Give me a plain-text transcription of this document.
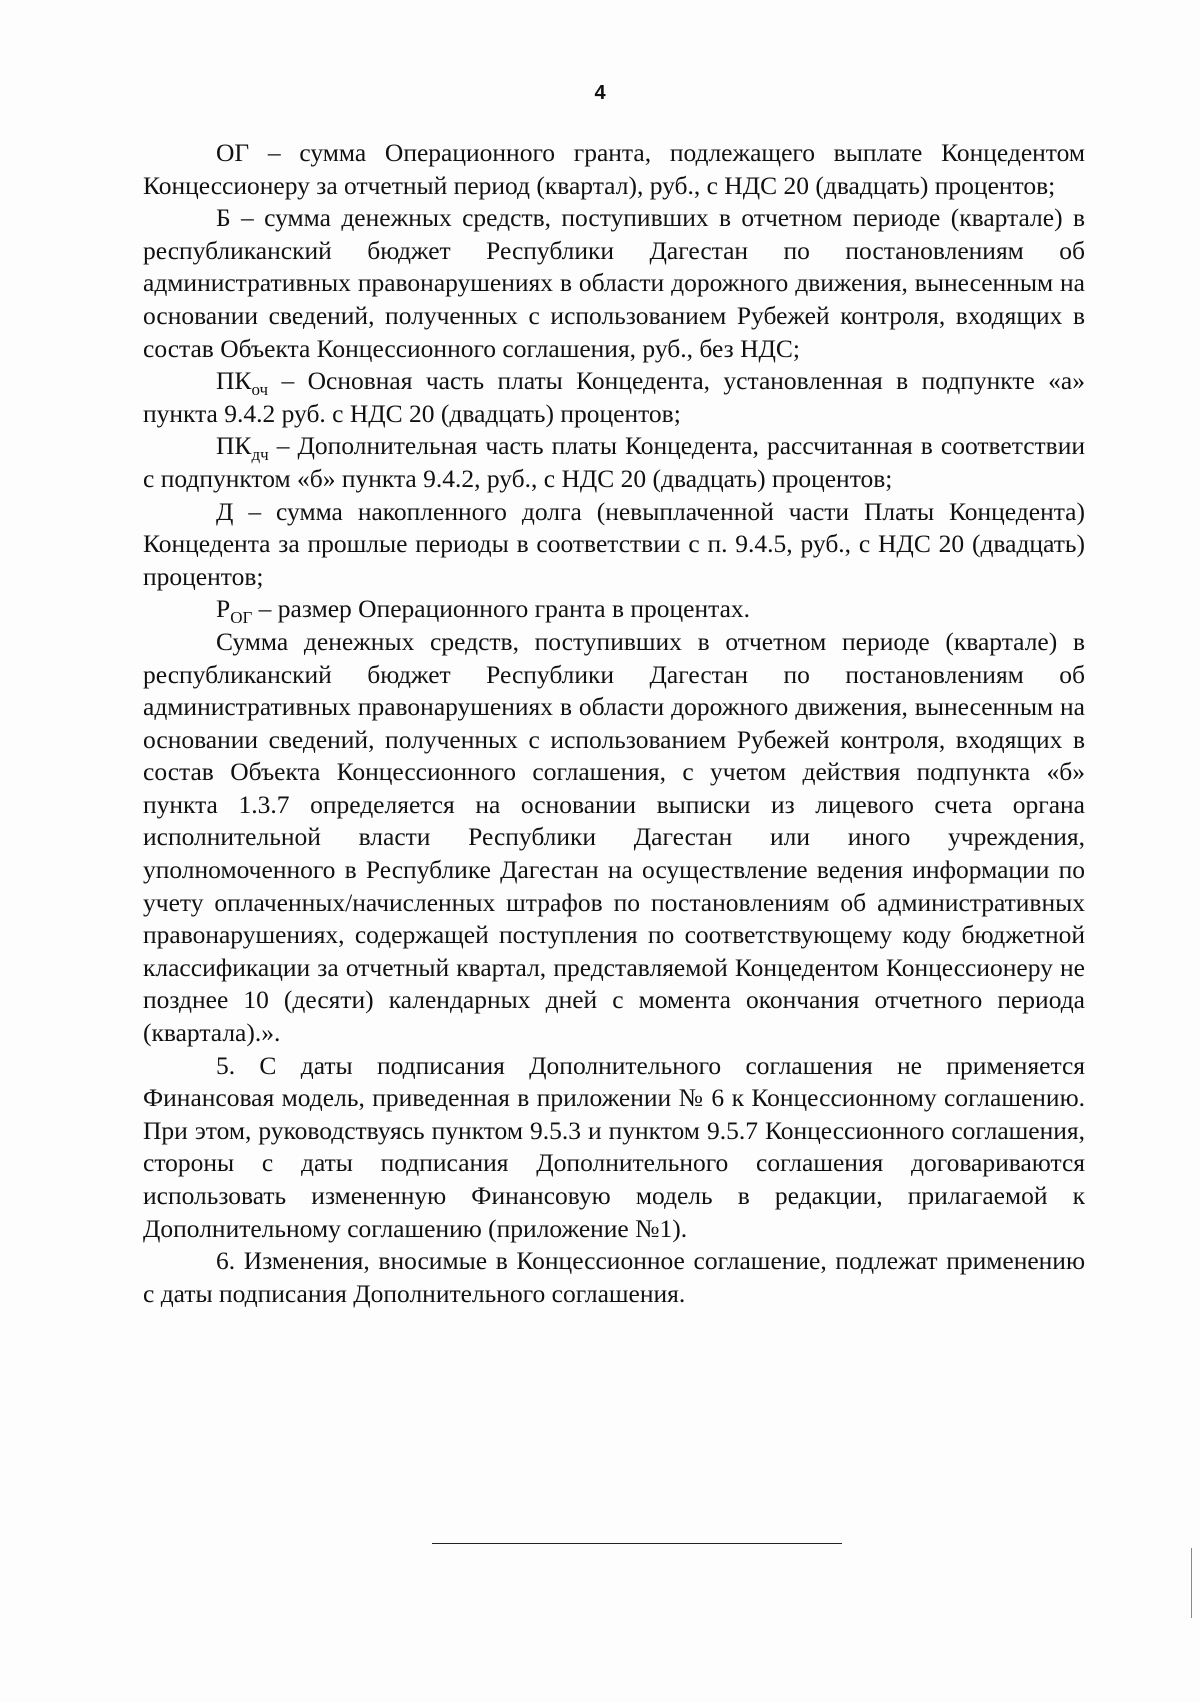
4

ОГ – сумма Операционного гранта, подлежащего выплате Концедентом Концессионеру за отчетный период (квартал), руб., с НДС 20 (двадцать) процентов;

Б – сумма денежных средств, поступивших в отчетном периоде (квартале) в республиканский бюджет Республики Дагестан по постановлениям об административных правонарушениях в области дорожного движения, вынесенным на основании сведений, полученных с использованием Рубежей контроля, входящих в состав Объекта Концессионного соглашения, руб., без НДС;

$ПК_{оч}$ – Основная часть платы Концедента, установленная в подпункте «а» пункта 9.4.2 руб. с НДС 20 (двадцать) процентов;

$ПК_{дч}$ – Дополнительная часть платы Концедента, рассчитанная в соответствии с подпунктом «б» пункта 9.4.2, руб., с НДС 20 (двадцать) процентов;

Д – сумма накопленного долга (невыплаченной части Платы Концедента) Концедента за прошлые периоды в соответствии с п. 9.4.5, руб., с НДС 20 (двадцать) процентов;

$Р_{ОГ}$ – размер Операционного гранта в процентах.

Сумма денежных средств, поступивших в отчетном периоде (квартале) в республиканский бюджет Республики Дагестан по постановлениям об административных правонарушениях в области дорожного движения, вынесенным на основании сведений, полученных с использованием Рубежей контроля, входящих в состав Объекта Концессионного соглашения, с учетом действия подпункта «б» пункта 1.3.7 определяется на основании выписки из лицевого счета органа исполнительной власти Республики Дагестан или иного учреждения, уполномоченного в Республике Дагестан на осуществление ведения информации по учету оплаченных/начисленных штрафов по постановлениям об административных правонарушениях, содержащей поступления по соответствующему коду бюджетной классификации за отчетный квартал, представляемой Концедентом Концессионеру не позднее 10 (десяти) календарных дней с момента окончания отчетного периода (квартала).».

5. С даты подписания Дополнительного соглашения не применяется Финансовая модель, приведенная в приложении № 6 к Концессионному соглашению. При этом, руководствуясь пунктом 9.5.3 и пунктом 9.5.7 Концессионного соглашения, стороны с даты подписания Дополнительного соглашения договариваются использовать измененную Финансовую модель в редакции, прилагаемой к Дополнительному соглашению (приложение №1).

6. Изменения, вносимые в Концессионное соглашение, подлежат применению с даты подписания Дополнительного соглашения.
